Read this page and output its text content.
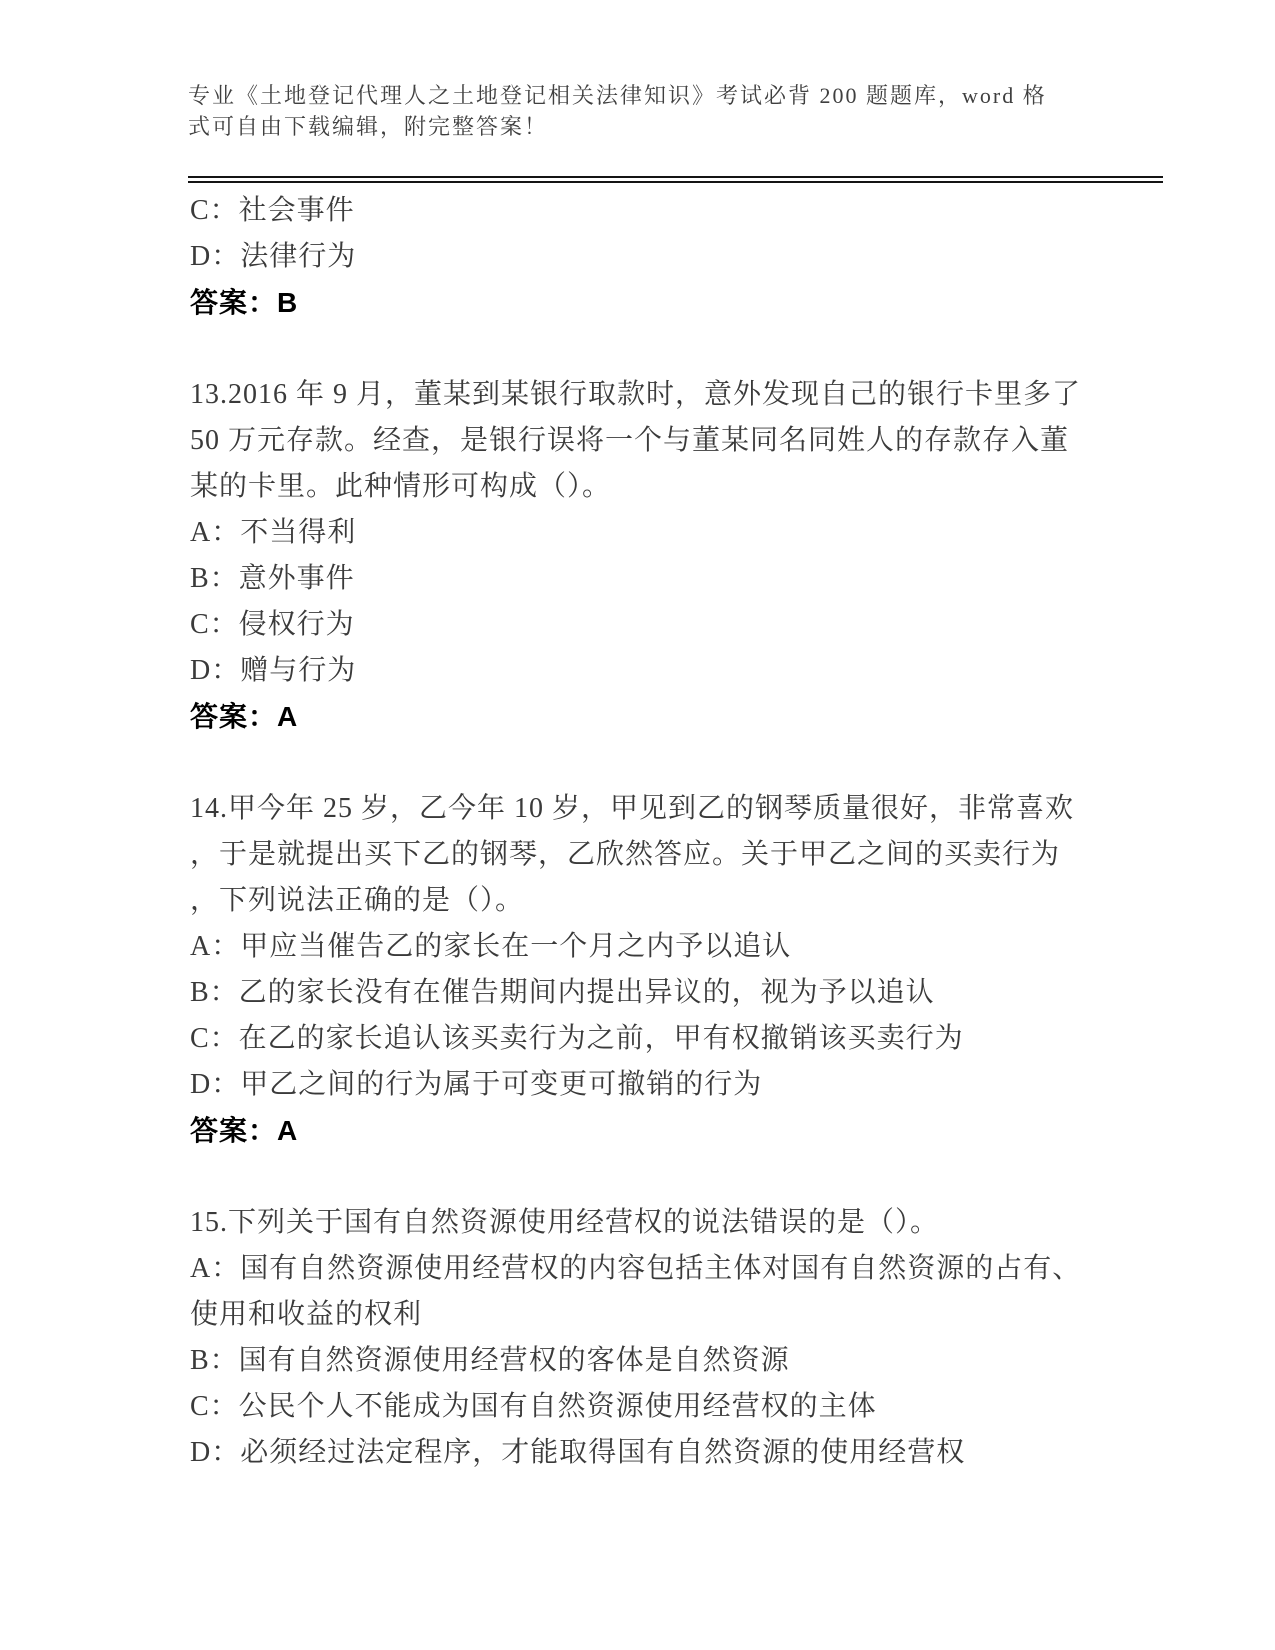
专业《土地登记代理人之土地登记相关法律知识》考试必背 200 题题库，word 格
式可自由下载编辑，附完整答案！
C：社会事件
D：法律行为
答案：B
13.2016 年 9 月，董某到某银行取款时，意外发现自己的银行卡里多了
50 万元存款。经查，是银行误将一个与董某同名同姓人的存款存入董
某的卡里。此种情形可构成（）。
A：不当得利
B：意外事件
C：侵权行为
D：赠与行为
答案：A
14.甲今年 25 岁，乙今年 10 岁，甲见到乙的钢琴质量很好，非常喜欢
，于是就提出买下乙的钢琴，乙欣然答应。关于甲乙之间的买卖行为
，下列说法正确的是（）。
A：甲应当催告乙的家长在一个月之内予以追认
B：乙的家长没有在催告期间内提出异议的，视为予以追认
C：在乙的家长追认该买卖行为之前，甲有权撤销该买卖行为
D：甲乙之间的行为属于可变更可撤销的行为
答案：A
15.下列关于国有自然资源使用经营权的说法错误的是（）。
A：国有自然资源使用经营权的内容包括主体对国有自然资源的占有、
使用和收益的权利
B：国有自然资源使用经营权的客体是自然资源
C：公民个人不能成为国有自然资源使用经营权的主体
D：必须经过法定程序，才能取得国有自然资源的使用经营权
